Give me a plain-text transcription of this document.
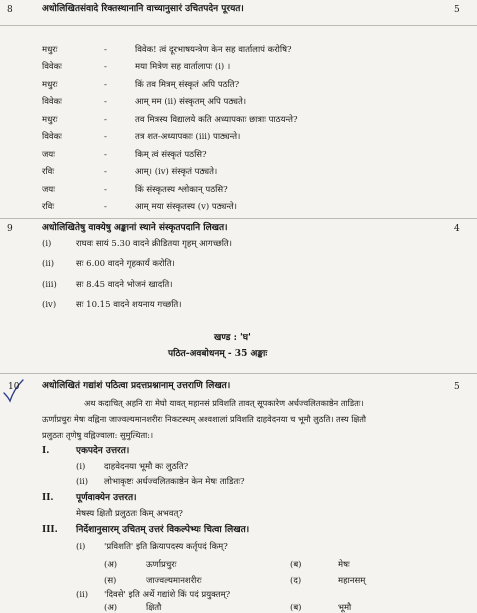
8	अधोलिखितसंवादे रिक्तस्थानानि वाच्यानुसारं उचितपदेन पूरयत।	5
मधुरः	-	विवेक! त्वं दूरभाषयन्त्रेण केन सह वार्तालापं करोषि?
विवेकः	-	मया मित्रेण सह वार्तालापः (i) ।
मधुरः	-	किं तव मित्रम् संस्कृतं अपि पठति?
विवेकः	-	आम् मम (ii) संस्कृतम् अपि पठ्यते।
मधुरः	-	तव मित्रस्य विद्यालये कति अध्यापकाः छात्राः पाठयन्ते?
विवेकः	-	तत्र शत-अध्यापकाः (iii) पाठ्यन्ते।
जयः	-	किम् त्वं संस्कृतं पठसि?
रविः	-	आम्। (iv) संस्कृतं पठ्यते।
जयः	-	किं संस्कृतस्य श्लोकान् पठसि?
रविः	-	आम् मया संस्कृतस्य (v) पठ्यन्ते।
9	अधोलिखितेषु वाक्येषु अङ्कानां स्थाने संस्कृतपदानि लिखत।	4
(i)	राघवः सायं 5.30 वादने क्रीडितया गृहम् आगच्छति।
(ii)	सः 6.00 वादने गृहकार्यं करोति।
(iii) सः 8.45 वादने भोजनं खादति।
(iv) सः 10.15 वादने शयनाय गच्छति।
खण्ड : 'घ'
पठित-अवबोधनम् - 35 अङ्काः
10	अधोलिखितं गद्यांशं पठित्वा प्रदत्तप्रश्नानाम् उत्तराणि लिखत।	5
अथ कदाचित् अहनि राः मेघो यावत् महानसं प्रविशति तावत् सूपकारेण अर्धज्वलितकाष्ठेन ताडितः।
ऊर्णाप्रचुरः मेषः वह्निना जाज्वल्यमानशरीरः निकटस्थम् अश्वशालां प्रविशति दाहवेदनया च भूमौ लुठति। तस्य क्षितौ
प्रलुठतः तृणेषु वह्निज्वाला: सुमुत्थिता:।
I.	एकपदेन उत्तरत।
(i) दाहवेदनया भूमौ कः लुठति?
(ii) लोभाकृष्टः अर्धज्वलितकाष्ठेन केन मेषः ताडितः?
II. पूर्णवाक्येन उत्तरत।
मेषस्य क्षितौ प्रलुठतः किम् अभवत्?
III. निर्देशानुसारम् उचितम् उत्तरं विकल्पेभ्यः चित्वा लिखत।
(i) 'प्रविशति' इति क्रियापदस्य कर्तृपदं किम्?
(अ)	ऊर्णाप्रचुरः	(ब)	मेषः
(स)	जाज्वल्यमानशरीरः	(द)	महानसम्
(ii) 'दिवसे' इति अर्थे गद्यांशे किं पदं प्रयुक्तम्?
(अ)	क्षितौ	(ब)	भूमौ
